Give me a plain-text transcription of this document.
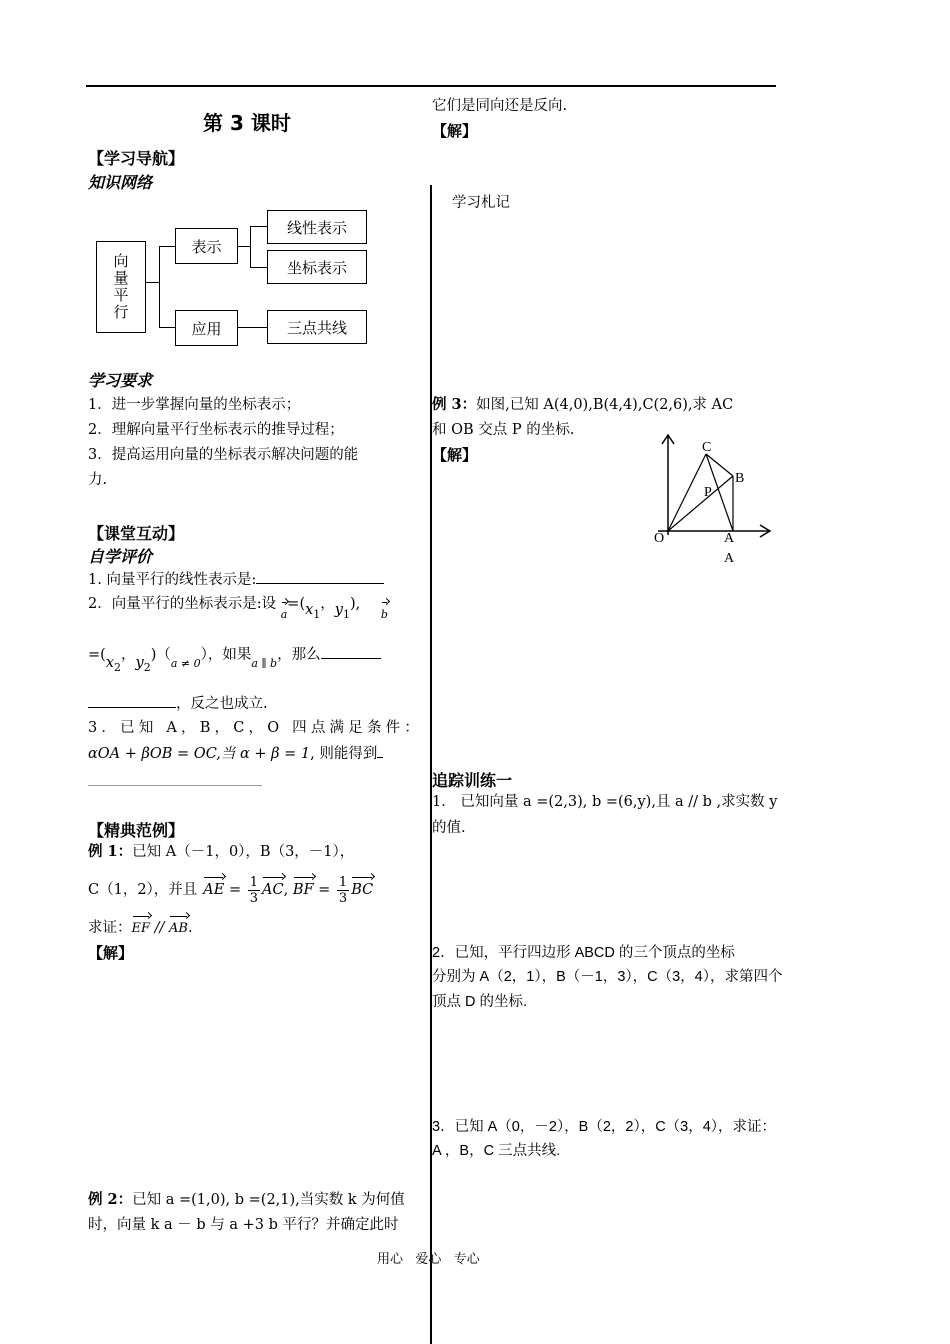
第 3 课时
【学习导航】
知识网络
向量平行
表示
应用
线性表示
坐标表示
三点共线
学习要求
1．进一步掌握向量的坐标表示；
2．理解向量平行坐标表示的推导过程；
3．提高运用向量的坐标表示解决问题的能
力.
【课堂互动】
自学评价
1. 向量平行的线性表示是:
2．向量平行的坐标表示是:设 $a=(x_1$，$y_1$), b
$=(x_2$，$y_2)(_{a \ne 0})$，如果$_{a \parallel b}$，那么
，反之也成立.
3．已知 A，B，C，O 四点满足条件：
αOA + βOB = OC,当 α + β = 1, 则能得到
【精典范例】
例 1：已知 A（－1，0），B（3，－1），
C（1，2），并且 AE = $\frac{1}{3}$ AC , BF = $\frac{1}{3}$ BC
求证：EF // AB.
【解】
例 2：已知 a =(1,0), b =(2,1),当实数 k 为何值
时，向量 k a － b 与 a +3 b 平行？并确定此时
它们是同向还是反向.
【解】
学习札记
例 3：如图,已知 A(4,0),B(4,4),C(2,6),求 AC
和 OB 交点 P 的坐标.
【解】	C
B
P
O	A
A
追踪训练一
1． 已知向量 a =(2,3), b =(6,y),且 a // b ,求实数 y
的值.
2．已知，平行四边形 ABCD 的三个顶点的坐标
分别为 A（2，1），B（－1，3），C（3，4），求第四个
顶点 D 的坐标.
3．已知 A（0，－2），B（2，2），C（3，4），求证：
A ，B，C 三点共线.
用心   爱心   专心
